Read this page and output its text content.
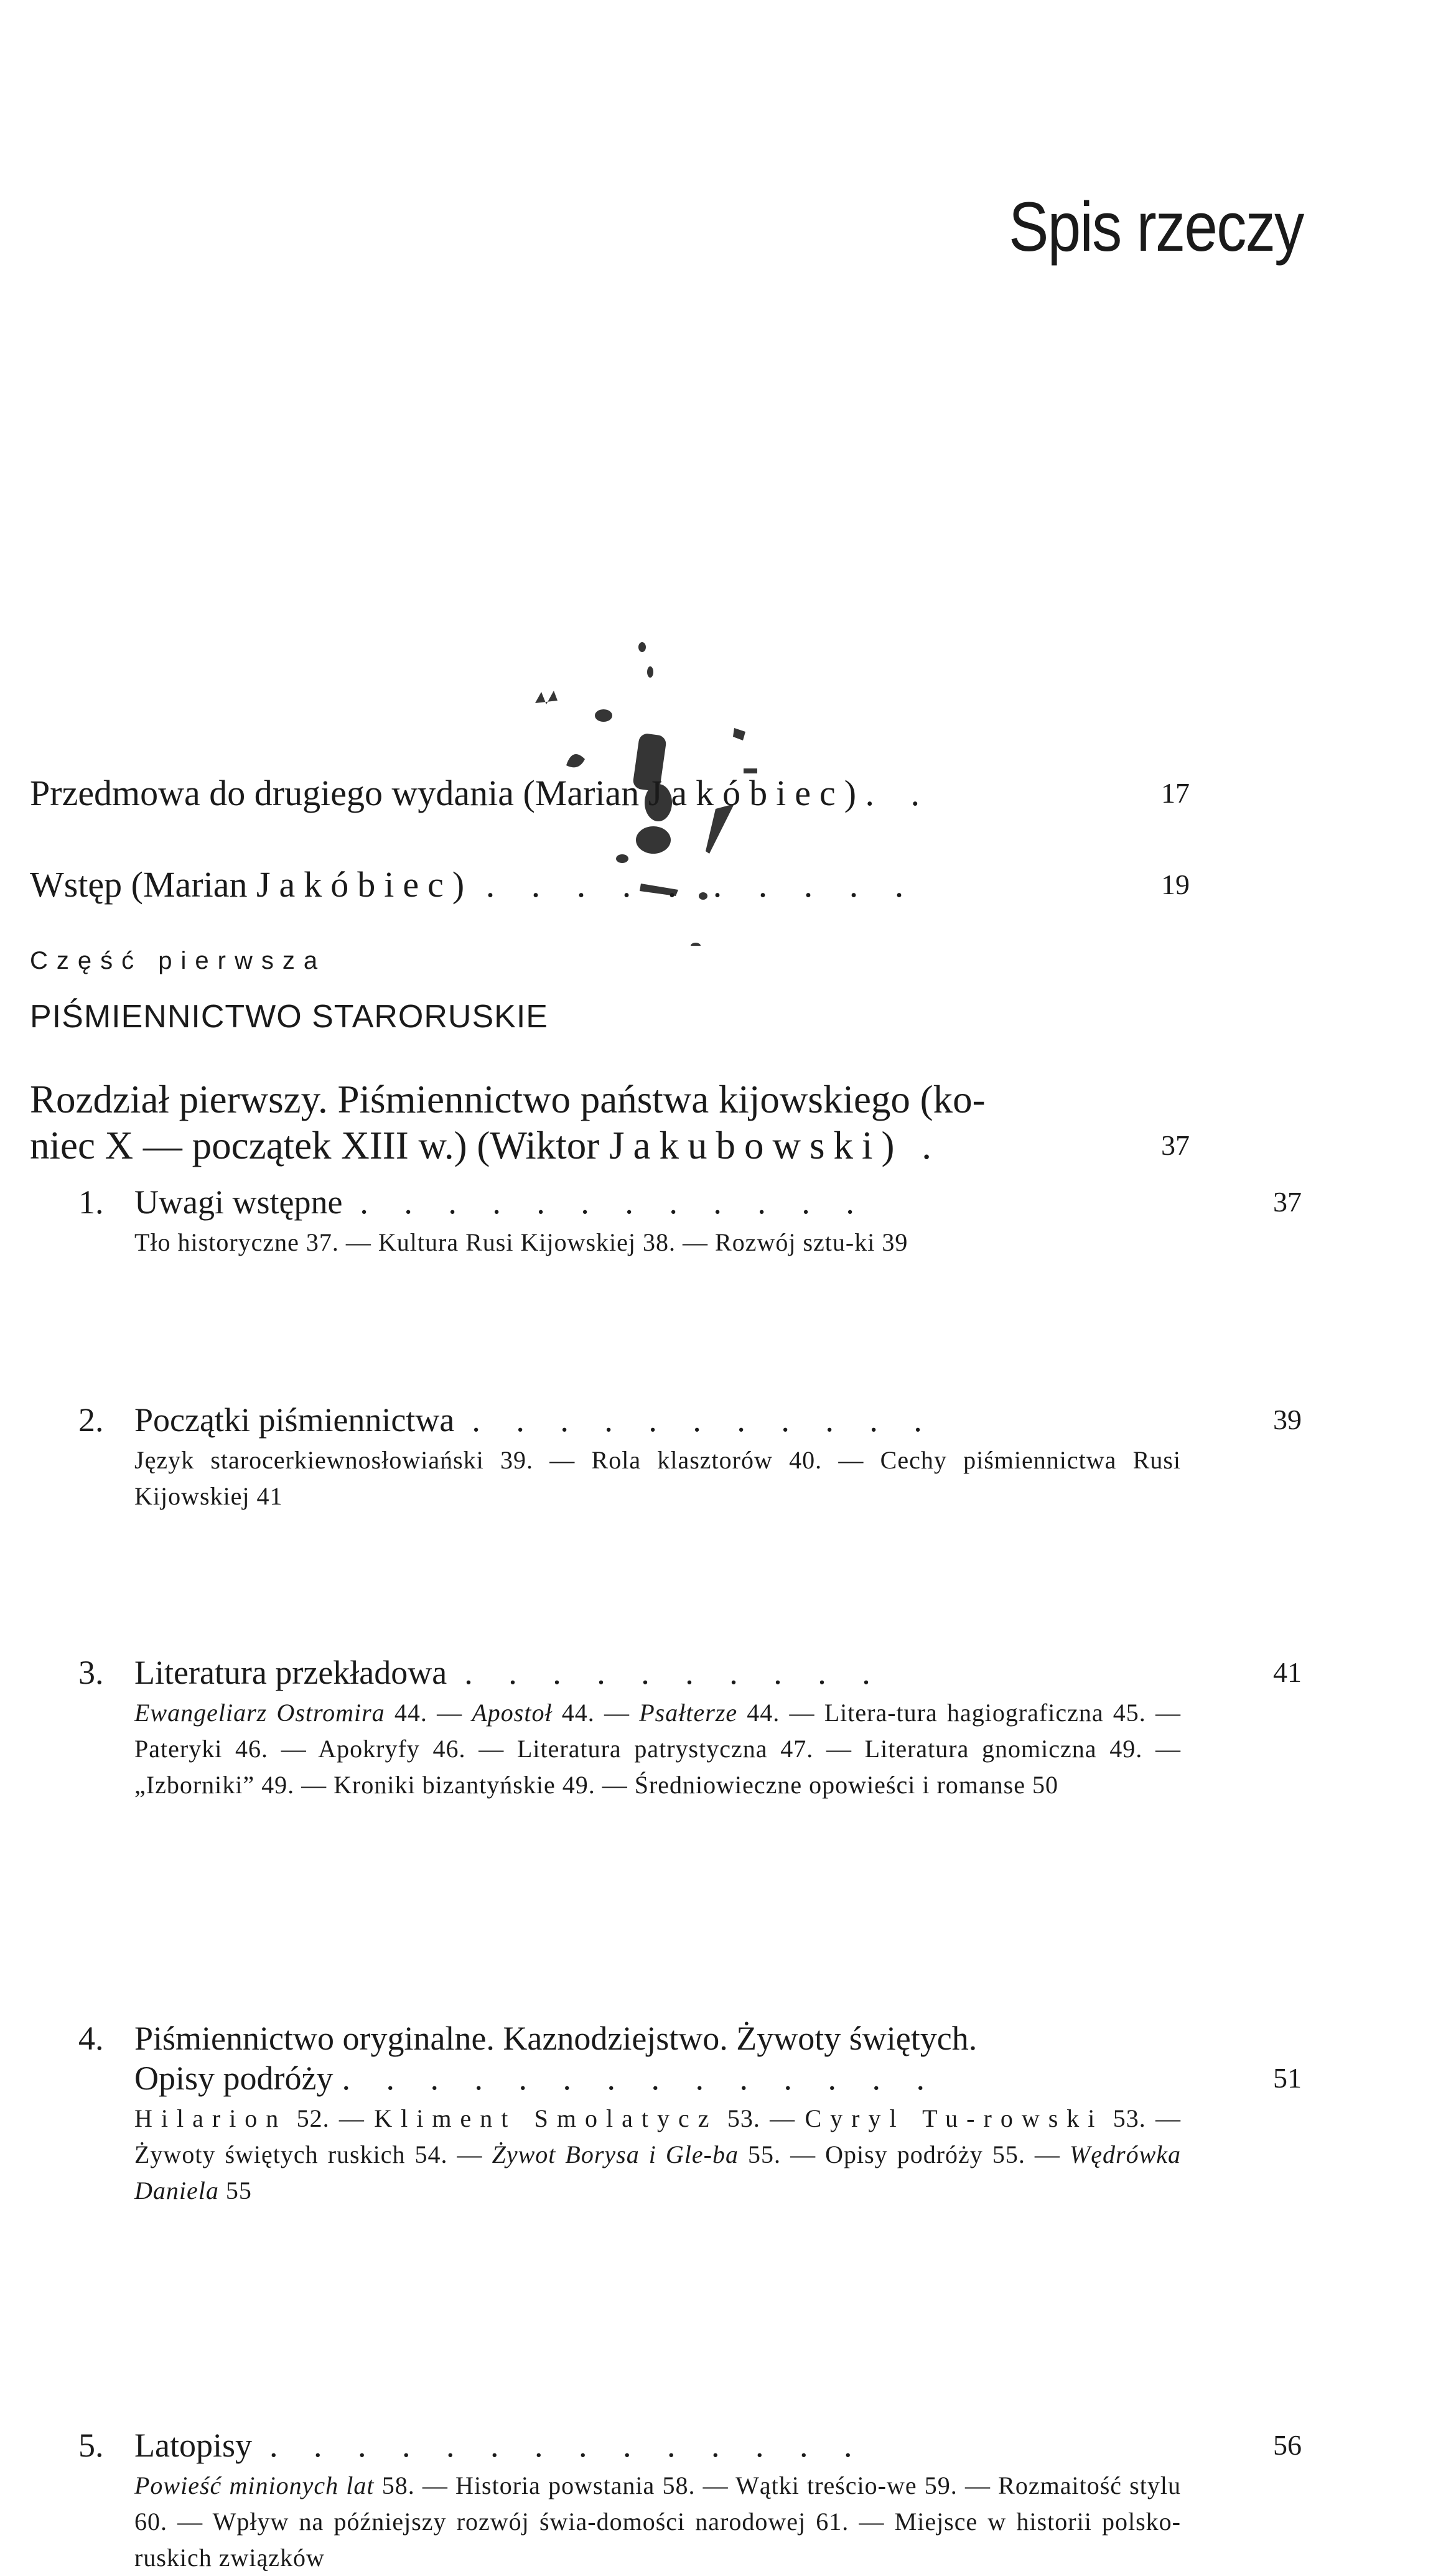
Spis rzeczy
Przedmowa do drugiego wydania (Marian Jakóbiec) . .	17
Wstęp (Marian Jakóbiec) . . . . . . . . . .	19
Część pierwsza
PIŚMIENNICTWO STARORUSKIE
Rozdział pierwszy. Piśmiennictwo państwa kijowskiego (ko-
niec X — początek XIII w.) (Wiktor Jakubowski) .	37
1. Uwagi wstępne . . . . . . . . . . . .	37
Tło historyczne 37. — Kultura Rusi Kijowskiej 38. — Rozwój sztu-ki 39
2. Początki piśmiennictwa . . . . . . . . . . .	39
Język starocerkiewnosłowiański 39. — Rola klasztorów 40. — Cechy piśmiennictwa Rusi Kijowskiej 41
3. Literatura przekładowa . . . . . . . . . .	41
Ewangeliarz Ostromira 44. — Apostoł 44. — Psałterze 44. — Litera-tura hagiograficzna 45. — Pateryki 46. — Apokryfy 46. — Literatura patrystyczna 47. — Literatura gnomiczna 49. — „Izborniki” 49. — Kroniki bizantyńskie 49. — Średniowieczne opowieści i romanse 50
4. Piśmiennictwo oryginalne. Kaznodziejstwo. Żywoty świętych.
Opisy podróży . . . . . . . . . . . . . .	51
Hilarion 52. — Kliment Smolatycz 53. — Cyryl Tu-rowski 53. — Żywoty świętych ruskich 54. — Żywot Borysa i Gle-ba 55. — Opisy podróży 55. — Wędrówka Daniela 55
5. Latopisy . . . . . . . . . . . . . .	56
Powieść minionych lat 58. — Historia powstania 58. — Wątki treścio-we 59. — Rozmaitość stylu 60. — Wpływ na późniejszy rozwój świa-domości narodowej 61. — Miejsce w historii polsko-ruskich związków
